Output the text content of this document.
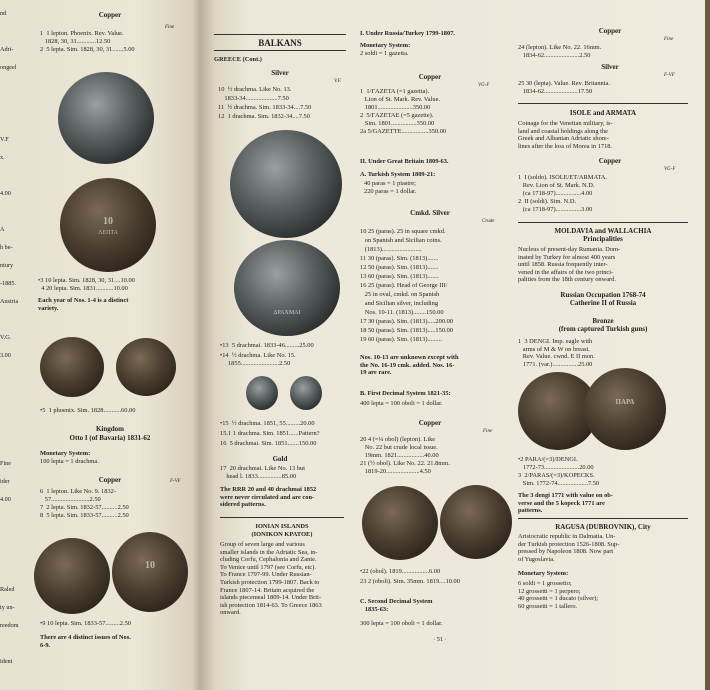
nd
Adri-
ongeel
V.F
x.
4.00
A
h be-
ntury
-1885.
Austria
V.G.
3.00
Fine
ider
4.00
Raled
ty un-
reedom
ident
Copper
Fine
1  1 lepton. Phoenix. Rev. Value.
1828, 30, 31............12.50
2  5 lepta. Sim. 1828, 30, 31.......5.00
10
ΛΕΠΤΑ
•3 10 lepta. Sim. 1828, 30, 31....10.00
4 20 lepta. Sim. 1831...........10.00
Each year of Nos. 1-4 is a distinct
variety.
•5  1 phoenix. Sim. 1828...........60.00
Kingdom
Otto I (of Bavaria) 1831-62
Monetary System:
100 lepta = 1 drachma.
Copper	F-VF
6  1 lepton. Like No. 9. 1832-
57........................2.50
7  2 lepta. Sim. 1832-57..........2.50
8  5 lepta. Sim. 1833-57..........2.50
10
•9 10 lepta. Sim. 1833-57.........2.50
There are 4 distinct issues of Nos.
6-9.
BALKANS
GREECE (Cont.)
Silver
V.F.
10  ½ drachma. Like No. 13.
1833-34....................7.50
11  ½ drachma. Sim. 1833-34....7.50
12  1 drachma. Sim. 1832-34....7.50
ΔΡΑΧΜΑΙ
•13  5 drachmai. 1833-46.........25.00
•14  ½ drachma. Like No. 15.
1855........................2.50
•15  ½ drachma. 1851, 55.........20.00
15.1 1 drachma. Sim. 1851......Pattern?
16  5 drachmai. Sim. 1851.......150.00
Gold
17  20 drachmai. Like No. 13 but
head l. 1833...............85.00
The RRR 20 and 40 drachmai 1852
were never circulated and are con-
sidered patterns.
IONIAN ISLANDS
(IONIKON KPATOE)
Group of seven large and various
smaller islands in the Adriatic Sea, in-
cluding Corfu, Cephalonia and Zante.
To Venice until 1797 (see Corfu, etc).
To France 1797-99. Under Russian-
Turkish protection 1799-1807. Back to
France 1807-14. Britain acquired the
islands piecemeal 1809-14. Under Brit-
ish protection 1814-63. To Greece 1863
onward.
I. Under Russia/Turkey 1799-1807.
Monetary System:
2 soldi = 1 gazetta.
Copper
VG-F
1  1/ΓAZETA (=1 gazetta).
Lion of St. Mark. Rev. Value.
1801......................350.00
2  5/ΓAZETAE (=5 gazette).
Sim. 1801................350.00
2a 5/GAZETTE.................350.00
II. Under Great Britain 1809-63.
A. Turkish System 1809-21:
40 paras = 1 piastre;
220 paras = 1 dollar.
Cmkd. Silver
Crude
10 25 (paras). 25 in square cmkd.
on Spanish and Sicilian coins.
(1813).........................
11 30 (paras). Sim. (1813).......
12 50 (paras). Sim. (1813).......
13 60 (paras). Sim. (1813).......
16 25 (paras). Head of George III/
25 in oval, cmkd. on Spanish
and Sicilian silver, including
Nos. 10-11. (1813)........150.00
17 30 (paras). Sim. (1813).....200.00
18 50 (paras). Sim. (1813).....150.00
19 60 (paras). Sim. (1813).........
Nos. 10-13 are unknown except with
the No. 16-19 cmk. added. Nos. 16-
19 are rare.
B. First Decimal System 1821-35:
400 lepta = 100 oboli = 1 dollar.
Copper
Fine
20 4 (=¼ obol) (lepton). Like
No. 22 but crude local issue.
19mm. 1821.................40.00
21 (½ obol). Like No. 22. 21.8mm.
1819-20.....................4.50
•22 (obol). 1819.................6.00
23 2 (oboli). Sim. 35mm. 1819....10.00
C. Second Decimal System
1835-63:
300 lepta = 100 oboli = 1 dollar.
Copper
Fine
24 (lepton). Like No. 22. 16mm.
1834-62......................2.50
Silver
F-VF
25 30 (lepta). Value. Rev. Britannia.
1834-62.....................17.50
ISOLE and ARMATA
Coinage for the Venetian military, is-
land and coastal holdings along the
Greek and Albanian Adriatic shore-
lines after the loss of Morea in 1718.
Copper
VG-F
1  I (soldo). ISOLE/ET/ARMATA.
Rev. Lion of St. Mark. N.D.
(ca 1718-97)................4.00
2  II (soldi). Sim. N.D.
(ca 1718-97)................3.00
MOLDAVIA and WALLACHIA
Principalities
Nucleus of present-day Rumania. Dom-
inated by Turkey for almost 400 years
until 1858. Russia frequently inter-
vened in the affairs of the two princi-
palities from the 18th century onward.
Russian Occupation 1768-74
Catherine II of Russia
Bronze
(from captured Turkish guns)
1  3 DENGI. Imp. eagle with
arms of M & W on breast.
Rev. Value. cwnd. E II mon.
1771. (var.)................25.00
ПАРА
•2 PARA/(=3)/DENGI.
1772-73......................20.00
3  2/PARAS/(=3)/KOPECKS.
Sim. 1772-74...................7.50
The 3 dengi 1771 with value on ob-
verse and the 5 kopeck 1771 are
patterns.
RAGUSA (DUBROVNIK), City
Aristocratic republic in Dalmatia. Un-
der Turkish protection 1526-1808. Sup-
pressed by Napoleon 1808. Now part
of Yugoslavia.
Monetary System:
6 soldi = 1 grossetto;
12 grossetti = 1 perpero;
40 grossetti = 1 ducato (silver);
60 grossetti = 1 tallero.
· 51 ·
